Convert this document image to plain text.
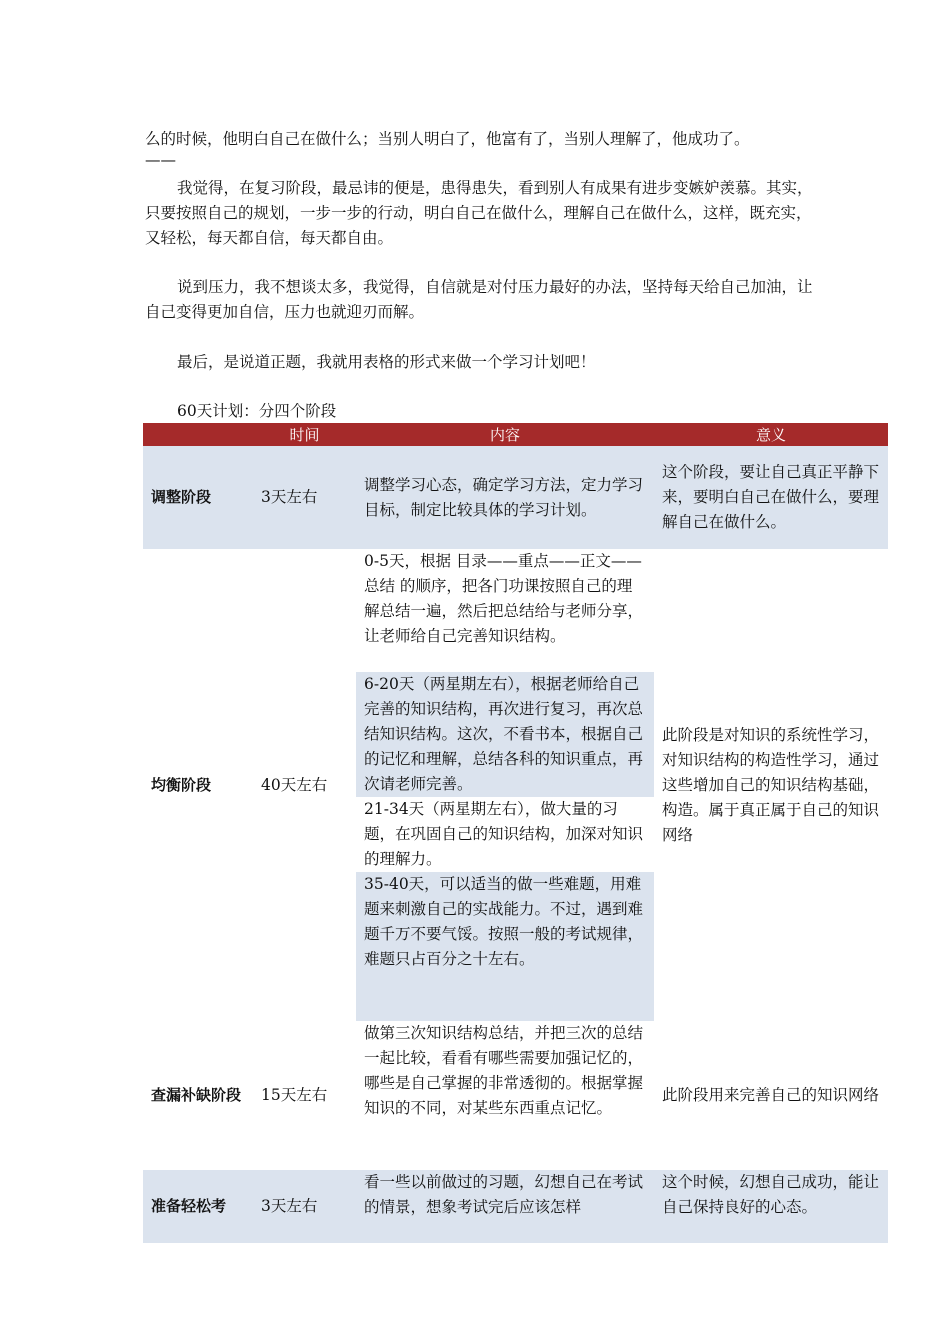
么的时候，他明白自己在做什么；当别人明白了，他富有了，当别人理解了，他成功了。
——
我觉得，在复习阶段，最忌讳的便是，患得患失，看到别人有成果有进步变嫉妒羡慕。其实，只要按照自己的规划，一步一步的行动，明白自己在做什么，理解自己在做什么，这样，既充实，又轻松，每天都自信，每天都自由。
说到压力，我不想谈太多，我觉得，自信就是对付压力最好的办法，坚持每天给自己加油，让自己变得更加自信，压力也就迎刃而解。
最后，是说道正题，我就用表格的形式来做一个学习计划吧！
60天计划：分四个阶段
	时间	内容	意义
调整阶段	3天左右	调整学习心态，确定学习方法，定力学习目标，制定比较具体的学习计划。	这个阶段，要让自己真正平静下来，要明白自己在做什么，要理解自己在做什么。
均衡阶段	40天左右	0-5天，根据 目录——重点——正文——总结 的顺序，把各门功课按照自己的理解总结一遍，然后把总结给与老师分享，让老师给自己完善知识结构。	此阶段是对知识的系统性学习，对知识结构的构造性学习，通过这些增加自己的知识结构基础，构造。属于真正属于自己的知识网络
		6-20天（两星期左右），根据老师给自己完善的知识结构，再次进行复习，再次总结知识结构。这次，不看书本，根据自己的记忆和理解，总结各科的知识重点，再次请老师完善。	
		21-34天（两星期左右），做大量的习题，在巩固自己的知识结构，加深对知识的理解力。	
		35-40天，可以适当的做一些难题，用难题来刺激自己的实战能力。不过，遇到难题千万不要气馁。按照一般的考试规律，难题只占百分之十左右。	
查漏补缺阶段	15天左右	做第三次知识结构总结，并把三次的总结一起比较，看看有哪些需要加强记忆的，哪些是自己掌握的非常透彻的。根据掌握知识的不同，对某些东西重点记忆。	此阶段用来完善自己的知识网络
准备轻松考	3天左右	看一些以前做过的习题，幻想自己在考试的情景，想象考试完后应该怎样	这个时候，幻想自己成功，能让自己保持良好的心态。
